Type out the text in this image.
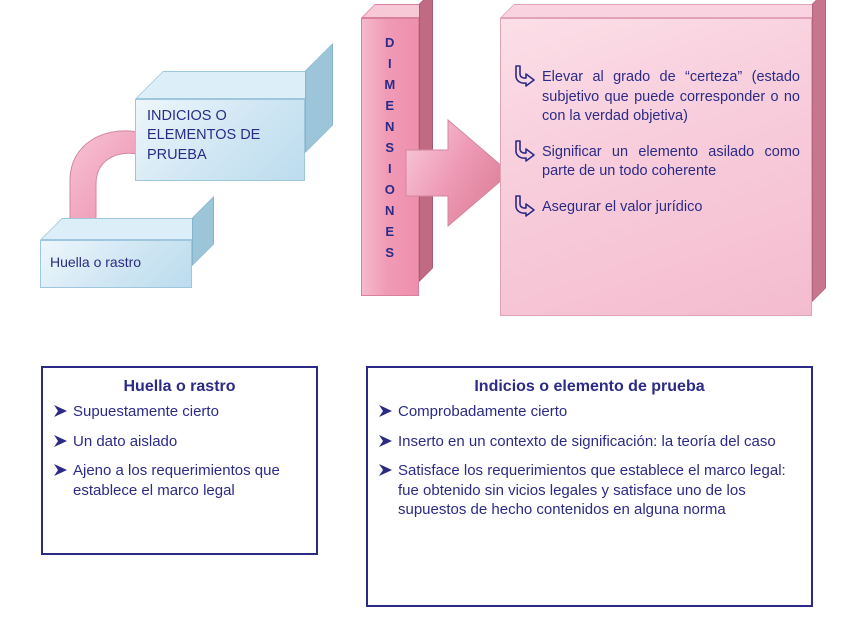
INDICIOS O ELEMENTOS DE PRUEBA
Huella o rastro
D
I
M
E
N
S
I
O
N
E
S
Elevar al grado de “certeza” (estado subjetivo que puede corresponder o no con la verdad objetiva)
Significar un elemento asilado como parte de un todo coherente
Asegurar el valor jurídico
Huella o rastro
Supuestamente cierto
Un dato aislado
Ajeno a los requerimientos que establece el marco legal
Indicios o elemento de prueba
Comprobadamente cierto
Inserto en un contexto de significación: la teoría del caso
Satisface los requerimientos que establece el marco legal: fue obtenido sin vicios legales y satisface uno de los supuestos de hecho contenidos en alguna norma
